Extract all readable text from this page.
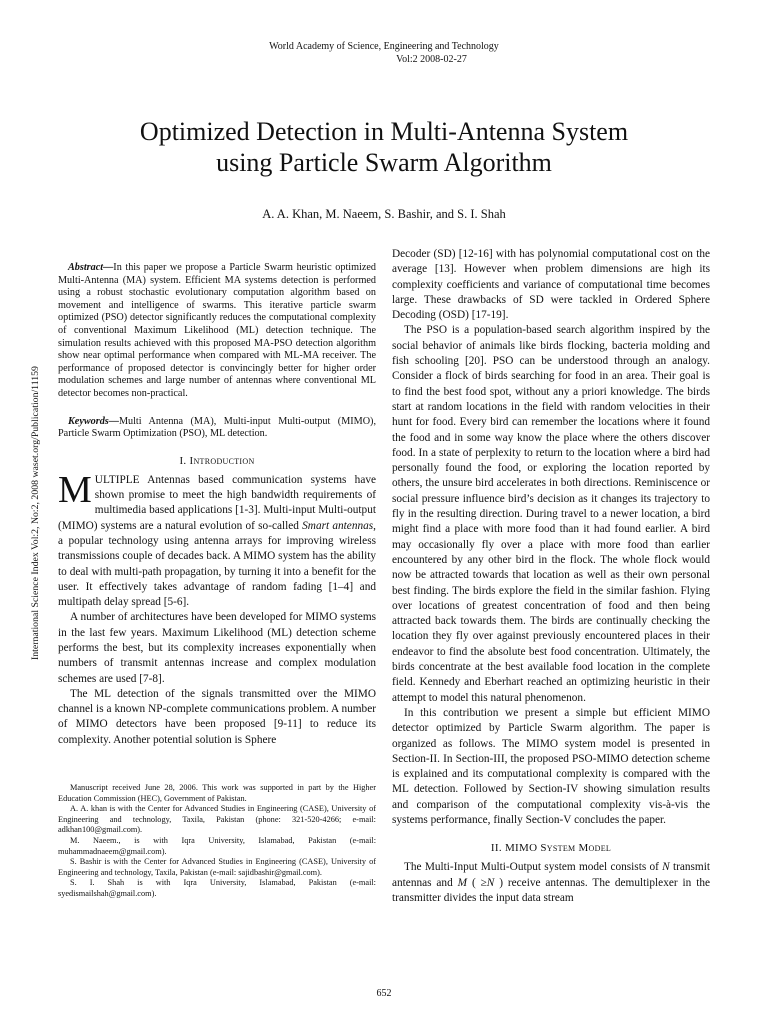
World Academy of Science, Engineering and Technology
Vol:2 2008-02-27
Optimized Detection in Multi-Antenna System
using Particle Swarm Algorithm
A. A. Khan, M. Naeem, S. Bashir, and S. I. Shah
International Science Index Vol:2, No:2, 2008 waset.org/Publication/11159

Abstract—In this paper we propose a Particle Swarm heuristic optimized Multi-Antenna (MA) system. Efficient MA systems detection is performed using a robust stochastic evolutionary computation algorithm based on movement and intelligence of swarms. This iterative particle swarm optimized (PSO) detector significantly reduces the computational complexity of conventional Maximum Likelihood (ML) detection technique. The simulation results achieved with this proposed MA-PSO detection algorithm show near optimal performance when compared with ML-MA receiver. The performance of proposed detector is convincingly better for higher order modulation schemes and large number of antennas where conventional ML detector becomes non-practical.

Keywords—Multi Antenna (MA), Multi-input Multi-output (MIMO), Particle Swarm Optimization (PSO), ML detection.

I. Introduction

MULTIPLE Antennas based communication systems have shown promise to meet the high bandwidth requirements of multimedia based applications [1-3]. Multi-input Multi-output (MIMO) systems are a natural evolution of so-called Smart antennas, a popular technology using antenna arrays for improving wireless transmissions couple of decades back. A MIMO system has the ability to deal with multi-path propagation, by turning it into a benefit for the user. It effectively takes advantage of random fading [1–4] and multipath delay spread [5-6].

A number of architectures have been developed for MIMO systems in the last few years. Maximum Likelihood (ML) detection scheme performs the best, but its complexity increases exponentially when numbers of transmit antennas increase and complex modulation schemes are used [7-8].

The ML detection of the signals transmitted over the MIMO channel is a known NP-complete communications problem. A number of MIMO detectors have been proposed [9-11] to reduce its complexity. Another potential solution is Sphere

Manuscript received June 28, 2006. This work was supported in part by the Higher Education Commission (HEC), Government of Pakistan.

A. A. khan is with the Center for Advanced Studies in Engineering (CASE), University of Engineering and technology, Taxila, Pakistan (phone: 321-520-4266; e-mail: adkhan100@gmail.com).

M. Naeem., is with Iqra University, Islamabad, Pakistan (e-mail: muhammadnaeem@gmail.com).

S. Bashir is with the Center for Advanced Studies in Engineering (CASE), University of Engineering and technology, Taxila, Pakistan (e-mail: sajidbashir@gmail.com).

S. I. Shah is with Iqra University, Islamabad, Pakistan (e-mail: syedismailshah@gmail.com).

Decoder (SD) [12-16] with has polynomial computational cost on the average [13]. However when problem dimensions are high its complexity coefficients and variance of computational time becomes large. These drawbacks of SD were tackled in Ordered Sphere Decoding (OSD) [17-19].

The PSO is a population-based search algorithm inspired by the social behavior of animals like birds flocking, bacteria molding and fish schooling [20]. PSO can be understood through an analogy. Consider a flock of birds searching for food in an area. Their goal is to find the best food spot, without any a priori knowledge. The birds start at random locations in the field with random velocities in their hunt for food. Every bird can remember the locations where it found the food and in some way know the place where the others discover food. In a state of perplexity to return to the location where a bird had personally found the food, or exploring the location reported by others, the unsure bird accelerates in both directions. Reminiscence or social pressure influence bird’s decision as it changes its trajectory to fly in the resulting direction. During travel to a newer location, a bird might find a place with more food than it had found earlier. A bird may occasionally fly over a place with more food than earlier encountered by any other bird in the flock. The whole flock would now be attracted towards that location as well as their own personal best finding. The birds explore the field in the similar fashion. Flying over locations of greatest concentration of food and then being attracted back towards them. The birds are continually checking the location they fly over against previously encountered places in their endeavor to find the absolute best food concentration. Ultimately, the birds concentrate at the best available food location in the complete field. Kennedy and Eberhart reached an optimizing heuristic in their attempt to model this natural phenomenon.

In this contribution we present a simple but efficient MIMO detector optimized by Particle Swarm algorithm. The paper is organized as follows. The MIMO system model is presented in Section-II. In Section-III, the proposed PSO-MIMO detection scheme is explained and its computational complexity is compared with the ML detection. Followed by Section-IV showing simulation results and comparison of the computational complexity vis-à-vis the systems performance, finally Section-V concludes the paper.

II. MIMO System Model

The Multi-Input Multi-Output system model consists of N transmit antennas and M ( ≥N ) receive antennas. The demultiplexer in the transmitter divides the input data stream

652
